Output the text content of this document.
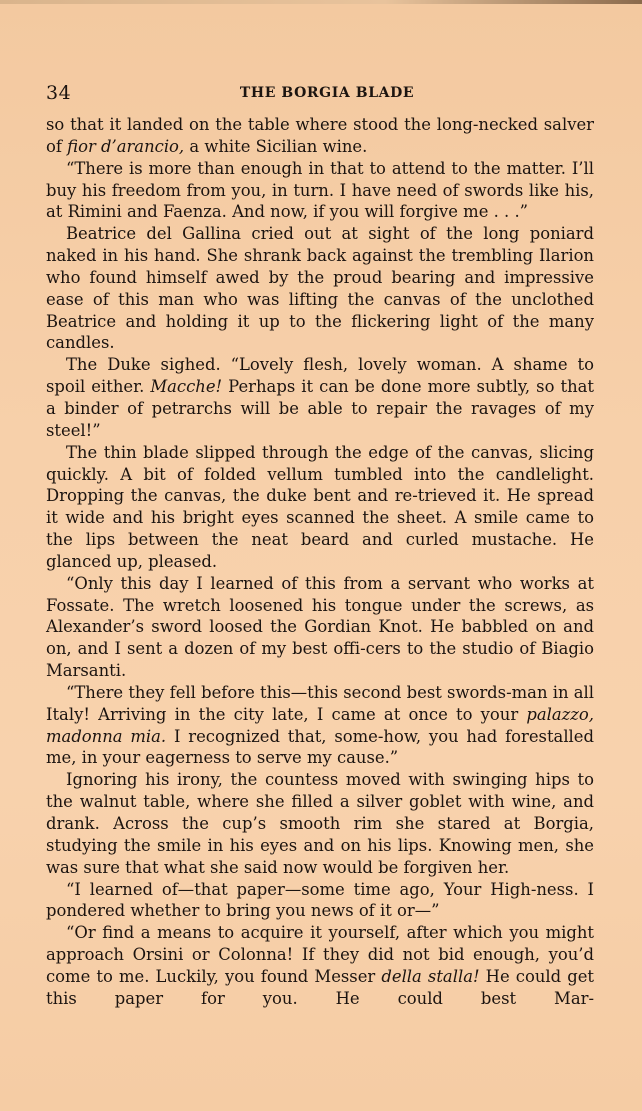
34	THE BORGIA BLADE

so that it landed on the table where stood the long-necked salver of fior d’arancio, a white Sicilian wine.

“There is more than enough in that to attend to the matter. I’ll buy his freedom from you, in turn. I have need of swords like his, at Rimini and Faenza. And now, if you will forgive me . . .”

Beatrice del Gallina cried out at sight of the long poniard naked in his hand. She shrank back against the trembling Ilarion who found himself awed by the proud bearing and impressive ease of this man who was lifting the canvas of the unclothed Beatrice and holding it up to the flickering light of the many candles.

The Duke sighed. “Lovely flesh, lovely woman. A shame to spoil either. Macche! Perhaps it can be done more subtly, so that a binder of petrarchs will be able to repair the ravages of my steel!”

The thin blade slipped through the edge of the canvas, slicing quickly. A bit of folded vellum tumbled into the candlelight. Dropping the canvas, the duke bent and re-trieved it. He spread it wide and his bright eyes scanned the sheet. A smile came to the lips between the neat beard and curled mustache. He glanced up, pleased.

“Only this day I learned of this from a servant who works at Fossate. The wretch loosened his tongue under the screws, as Alexander’s sword loosed the Gordian Knot. He babbled on and on, and I sent a dozen of my best offi-cers to the studio of Biagio Marsanti.

“There they fell before this—this second best swords-man in all Italy! Arriving in the city late, I came at once to your palazzo, madonna mia. I recognized that, some-how, you had forestalled me, in your eagerness to serve my cause.”

Ignoring his irony, the countess moved with swinging hips to the walnut table, where she filled a silver goblet with wine, and drank. Across the cup’s smooth rim she stared at Borgia, studying the smile in his eyes and on his lips. Knowing men, she was sure that what she said now would be forgiven her.

“I learned of—that paper—some time ago, Your High-ness. I pondered whether to bring you news of it or—”

“Or find a means to acquire it yourself, after which you might approach Orsini or Colonna! If they did not bid enough, you’d come to me. Luckily, you found Messer della stalla! He could get this paper for you. He could best Mar-
